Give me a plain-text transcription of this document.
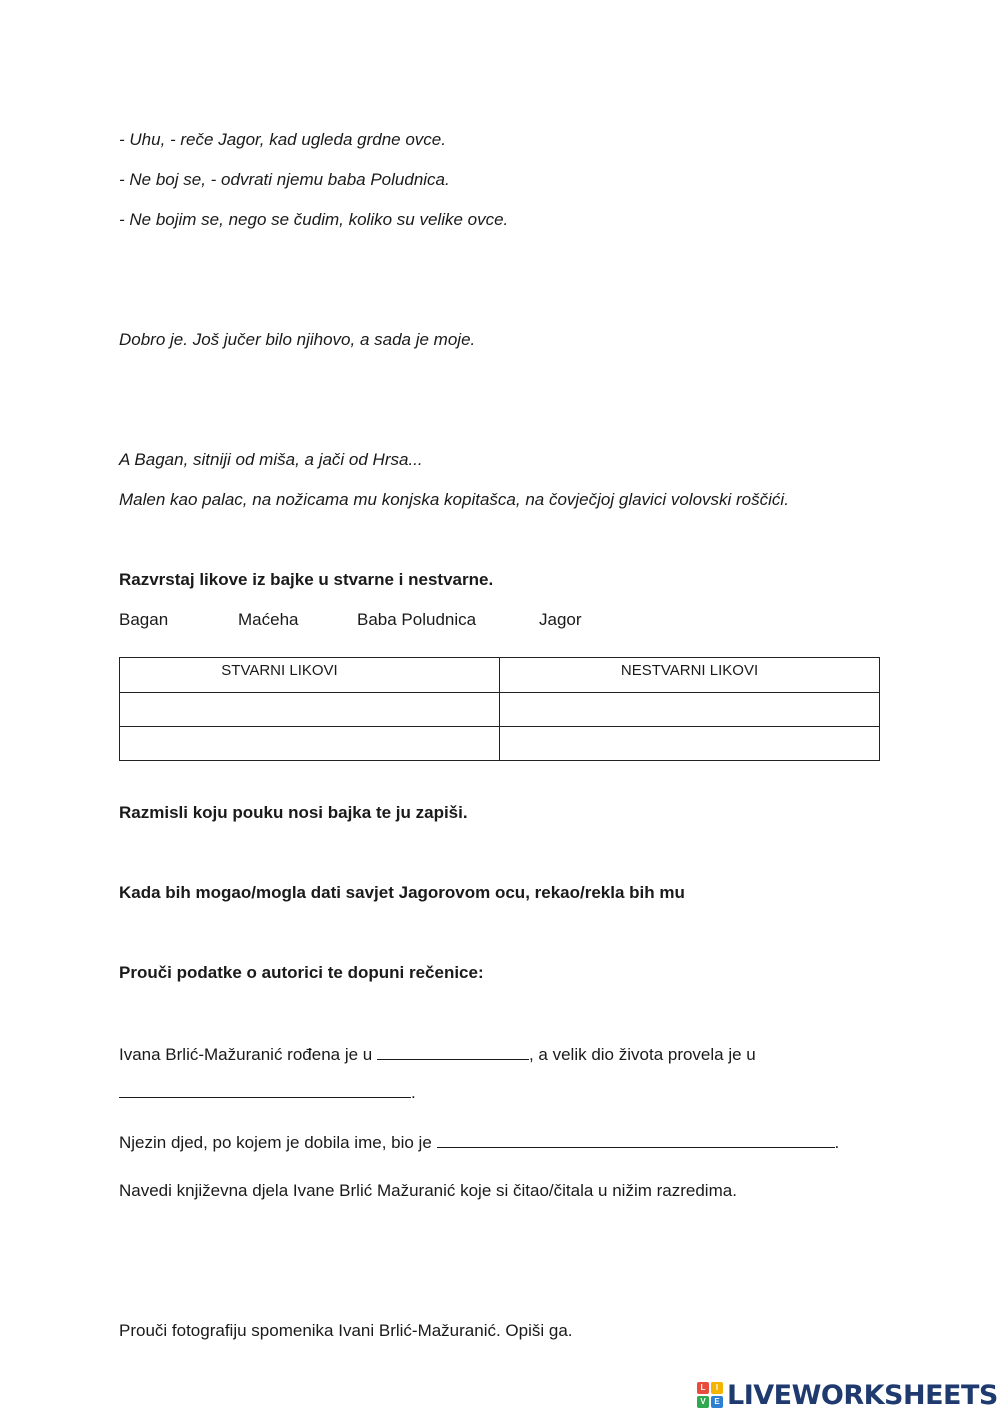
- Uhu, - reče Jagor, kad ugleda grdne ovce.
- Ne boj se, - odvrati njemu baba Poludnica.
- Ne bojim se, nego se čudim, koliko su velike ovce.
Dobro je. Još jučer bilo njihovo, a sada je moje.
A Bagan, sitniji od miša, a jači od Hrsa...
Malen kao palac, na nožicama mu konjska kopitašca, na čovječjoj glavici volovski roščići.
Razvrstaj likove iz bajke u stvarne i nestvarne.
Bagan	Maćeha	Baba Poludnica	Jagor
STVARNI LIKOVI	NESTVARNI LIKOVI

Razmisli koju pouku nosi bajka te ju zapiši.
Kada bih mogao/mogla dati savjet Jagorovom ocu, rekao/rekla bih mu
Prouči podatke o autorici te dopuni rečenice:
Ivana Brlić-Mažuranić rođena je u	, a velik dio života provela je u
.
Njezin djed, po kojem je dobila ime, bio je	.
Navedi književna djela Ivane Brlić Mažuranić koje si čitao/čitala u nižim razredima.
Prouči fotografiju spomenika Ivani Brlić-Mažuranić. Opiši ga.
L	I
V	E LIVEWORKSHEETS
